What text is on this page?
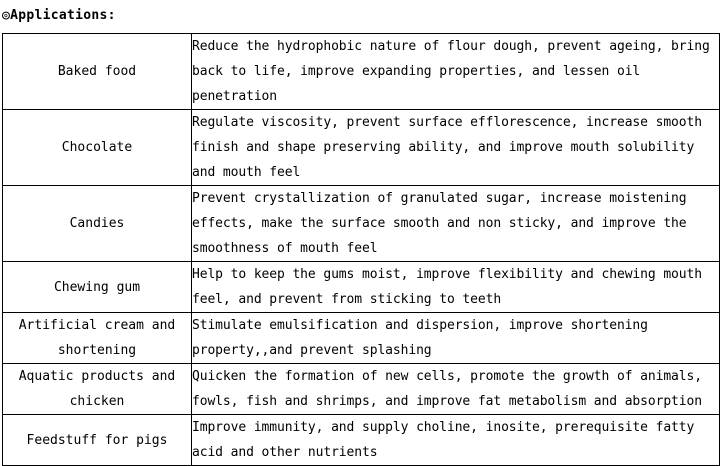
◎Applications:
Baked food	Reduce the hydrophobic nature of flour dough, prevent ageing, bring back to life, improve expanding properties, and lessen oil penetration
Chocolate	Regulate viscosity, prevent surface efflorescence, increase smooth finish and shape preserving ability, and improve mouth solubility and mouth feel
Candies	Prevent crystallization of granulated sugar, increase moistening effects, make the surface smooth and non sticky, and improve the smoothness of mouth feel
Chewing gum	Help to keep the gums moist, improve flexibility and chewing mouth feel, and prevent from sticking to teeth
Artificial cream and shortening	Stimulate emulsification and dispersion, improve shortening property,,and prevent splashing
Aquatic products and chicken	Quicken the formation of new cells, promote the growth of animals, fowls, fish and shrimps, and improve fat metabolism and absorption
Feedstuff for pigs	Improve immunity, and supply choline, inosite, prerequisite fatty acid and other nutrients
